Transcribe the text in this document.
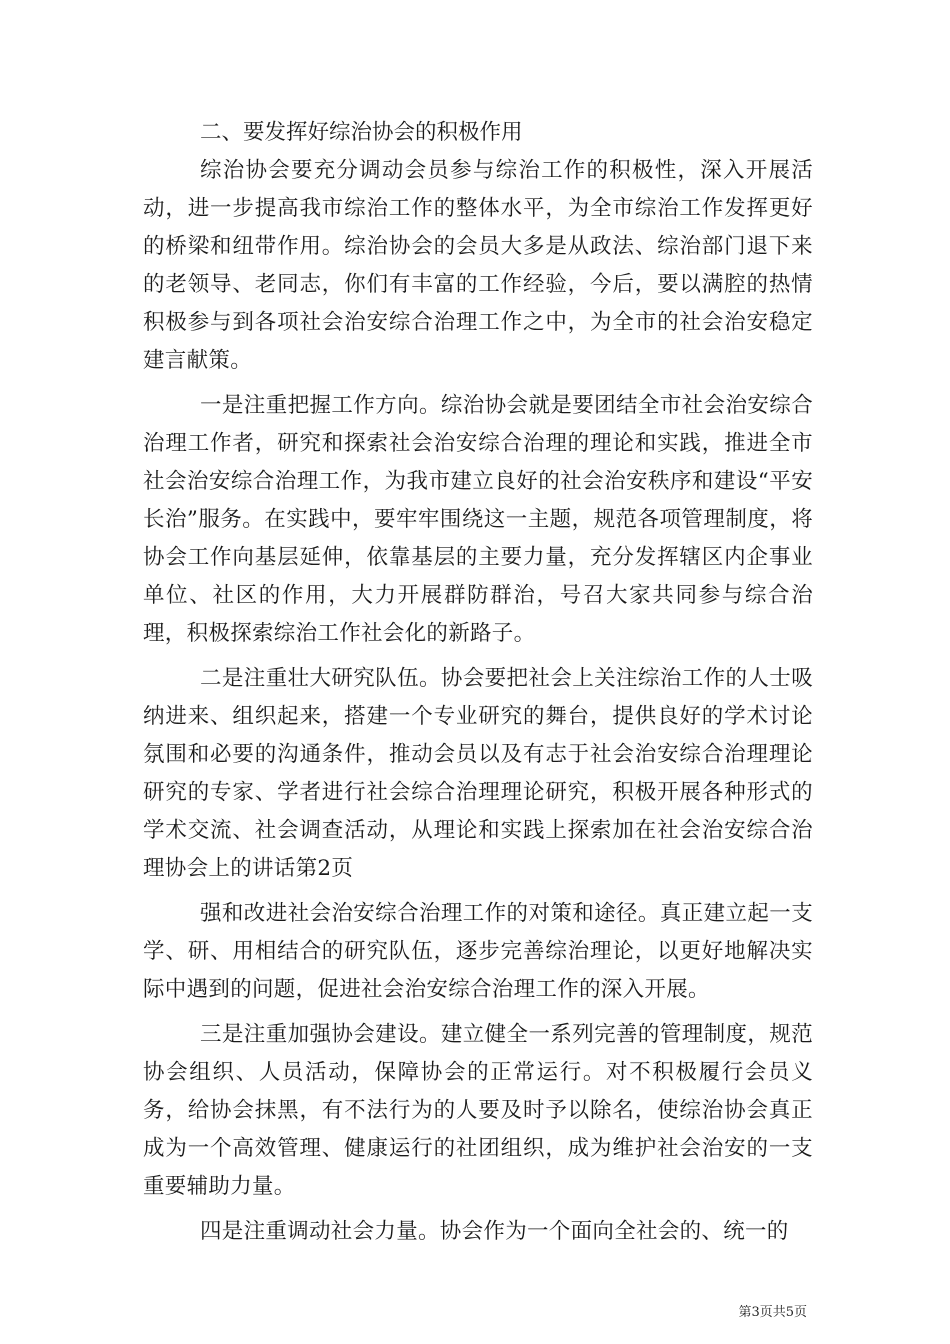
二、要发挥好综治协会的积极作用

综治协会要充分调动会员参与综治工作的积极性，深入开展活动，进一步提高我市综治工作的整体水平，为全市综治工作发挥更好的桥梁和纽带作用。综治协会的会员大多是从政法、综治部门退下来的老领导、老同志，你们有丰富的工作经验，今后，要以满腔的热情积极参与到各项社会治安综合治理工作之中，为全市的社会治安稳定建言献策。

一是注重把握工作方向。综治协会就是要团结全市社会治安综合治理工作者，研究和探索社会治安综合治理的理论和实践，推进全市社会治安综合治理工作，为我市建立良好的社会治安秩序和建设“平安长治”服务。在实践中，要牢牢围绕这一主题，规范各项管理制度，将协会工作向基层延伸，依靠基层的主要力量，充分发挥辖区内企事业单位、社区的作用，大力开展群防群治，号召大家共同参与综合治理，积极探索综治工作社会化的新路子。

二是注重壮大研究队伍。协会要把社会上关注综治工作的人士吸纳进来、组织起来，搭建一个专业研究的舞台，提供良好的学术讨论氛围和必要的沟通条件，推动会员以及有志于社会治安综合治理理论研究的专家、学者进行社会综合治理理论研究，积极开展各种形式的学术交流、社会调查活动，从理论和实践上探索加在社会治安综合治理协会上的讲话第2页

强和改进社会治安综合治理工作的对策和途径。真正建立起一支学、研、用相结合的研究队伍，逐步完善综治理论，以更好地解决实际中遇到的问题，促进社会治安综合治理工作的深入开展。

三是注重加强协会建设。建立健全一系列完善的管理制度，规范协会组织、人员活动，保障协会的正常运行。对不积极履行会员义务，给协会抹黑，有不法行为的人要及时予以除名，使综治协会真正成为一个高效管理、健康运行的社团组织，成为维护社会治安的一支重要辅助力量。

四是注重调动社会力量。协会作为一个面向全社会的、统一的

第3页共5页
